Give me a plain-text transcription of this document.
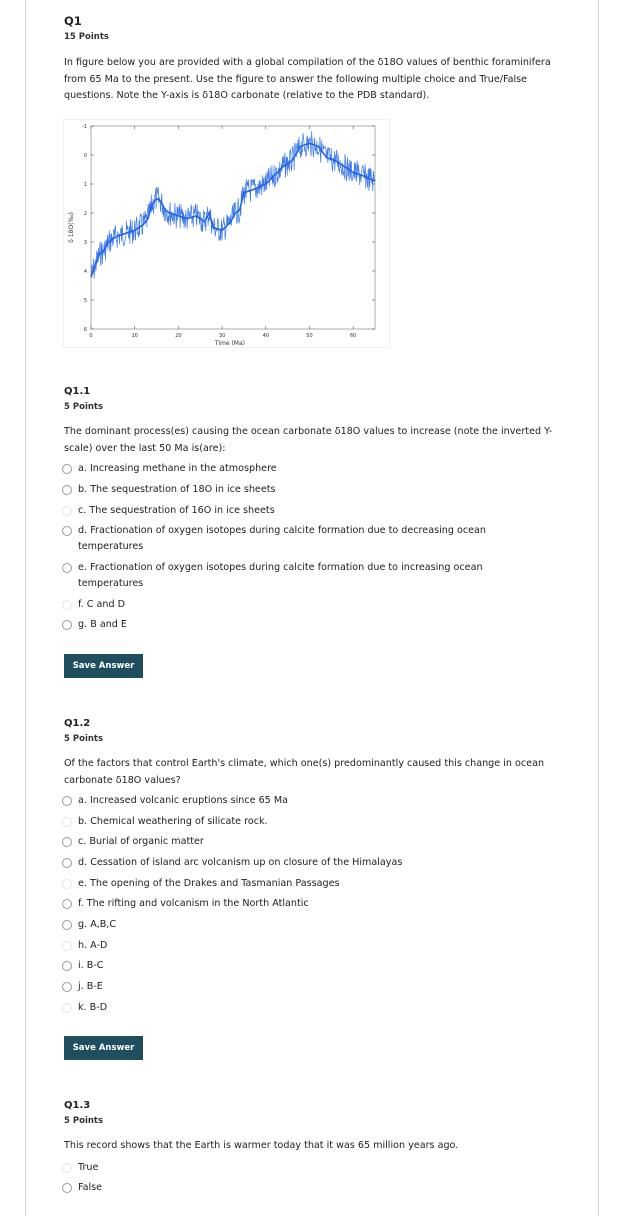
Q1
15 Points
In figure below you are provided with a global compilation of the δ18O values of benthic foraminifera from 65 Ma to the present. Use the figure to answer the following multiple choice and True/False questions. Note the Y-axis is δ18O carbonate (relative to the PDB standard).
0	10	20	30	40	50	60
-1
0
1
2
3
4
5
6
Time (Ma)
δ 18O(‰)
Q1.1
5 Points
The dominant process(es) causing the ocean carbonate δ18O values to increase (note the inverted Y-scale) over the last 50 Ma is(are):
a. Increasing methane in the atmosphere
b. The sequestration of 18O in ice sheets
c. The sequestration of 16O in ice sheets
d. Fractionation of oxygen isotopes during calcite formation due to decreasing ocean temperatures
e. Fractionation of oxygen isotopes during calcite formation due to increasing ocean temperatures
f. C and D
g. B and E
Save Answer
Q1.2
5 Points
Of the factors that control Earth's climate, which one(s) predominantly caused this change in ocean carbonate δ18O values?
a. Increased volcanic eruptions since 65 Ma
b. Chemical weathering of silicate rock.
c. Burial of organic matter
d. Cessation of island arc volcanism up on closure of the Himalayas
e. The opening of the Drakes and Tasmanian Passages
f. The rifting and volcanism in the North Atlantic
g. A,B,C
h. A-D
i. B-C
j. B-E
k. B-D
Save Answer
Q1.3
5 Points
This record shows that the Earth is warmer today that it was 65 million years ago.
True
False
